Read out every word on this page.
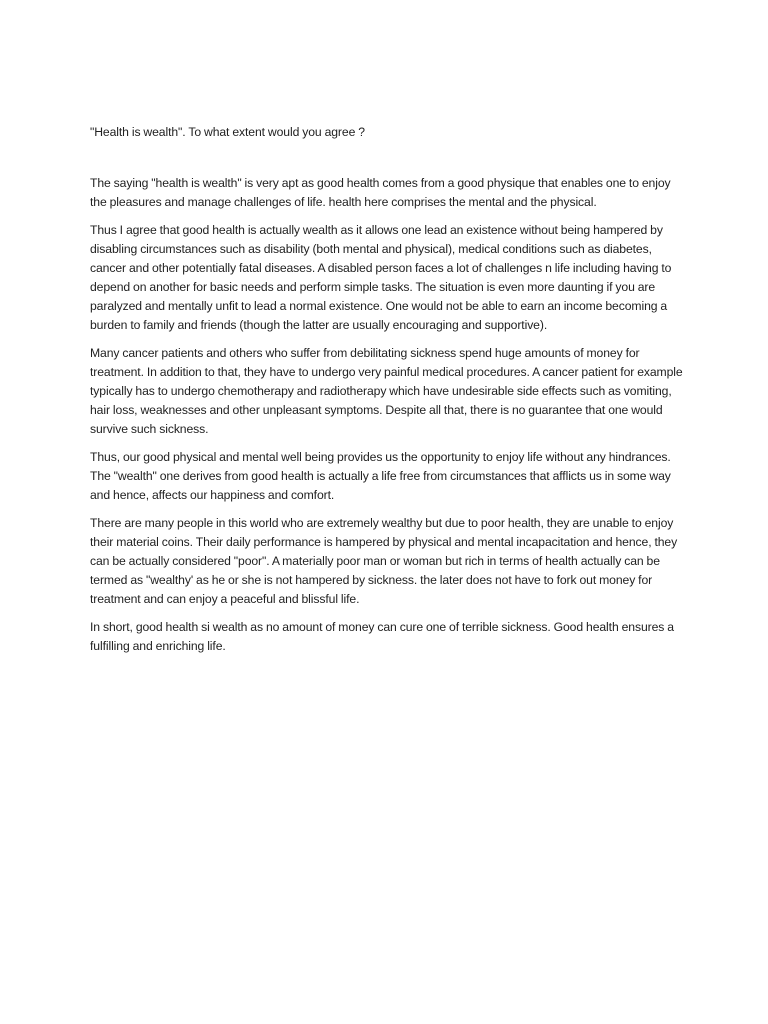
"Health is wealth". To what extent would you agree ?

The saying "health is wealth" is very apt as good health comes from a good physique that enables one to enjoy the pleasures and manage challenges of life. health here comprises the mental and the physical.

Thus I agree that good health is actually wealth as it allows one lead an existence without being hampered by disabling circumstances such as disability (both mental and physical), medical conditions such as diabetes, cancer and other potentially fatal diseases. A disabled person faces a lot of challenges n life including having to depend on another for basic needs and perform simple tasks. The situation is even more daunting if you are paralyzed and mentally unfit to lead a normal existence. One would not be able to earn an income becoming a burden to family and friends (though the latter are usually encouraging and supportive).

Many cancer patients and others who suffer from debilitating sickness spend huge amounts of money for treatment. In addition to that, they have to undergo very painful medical procedures. A cancer patient for example typically has to undergo chemotherapy and radiotherapy which have undesirable side effects such as vomiting, hair loss, weaknesses and other unpleasant symptoms. Despite all that, there is no guarantee that one would survive such sickness.

Thus, our good physical and mental well being provides us the opportunity to enjoy life without any hindrances. The "wealth" one derives from good health is actually a life free from circumstances that afflicts us in some way and hence, affects our happiness and comfort.

There are many people in this world who are extremely wealthy but due to poor health, they are unable to enjoy their material coins. Their daily performance is hampered by physical and mental incapacitation and hence, they can be actually considered "poor". A materially poor man or woman but rich in terms of health actually can be termed as "wealthy' as he or she is not hampered by sickness. the later does not have to fork out money for treatment and can enjoy a peaceful and blissful life.

In short, good health si wealth as no amount of money can cure one of terrible sickness. Good health ensures a fulfilling and enriching life.
